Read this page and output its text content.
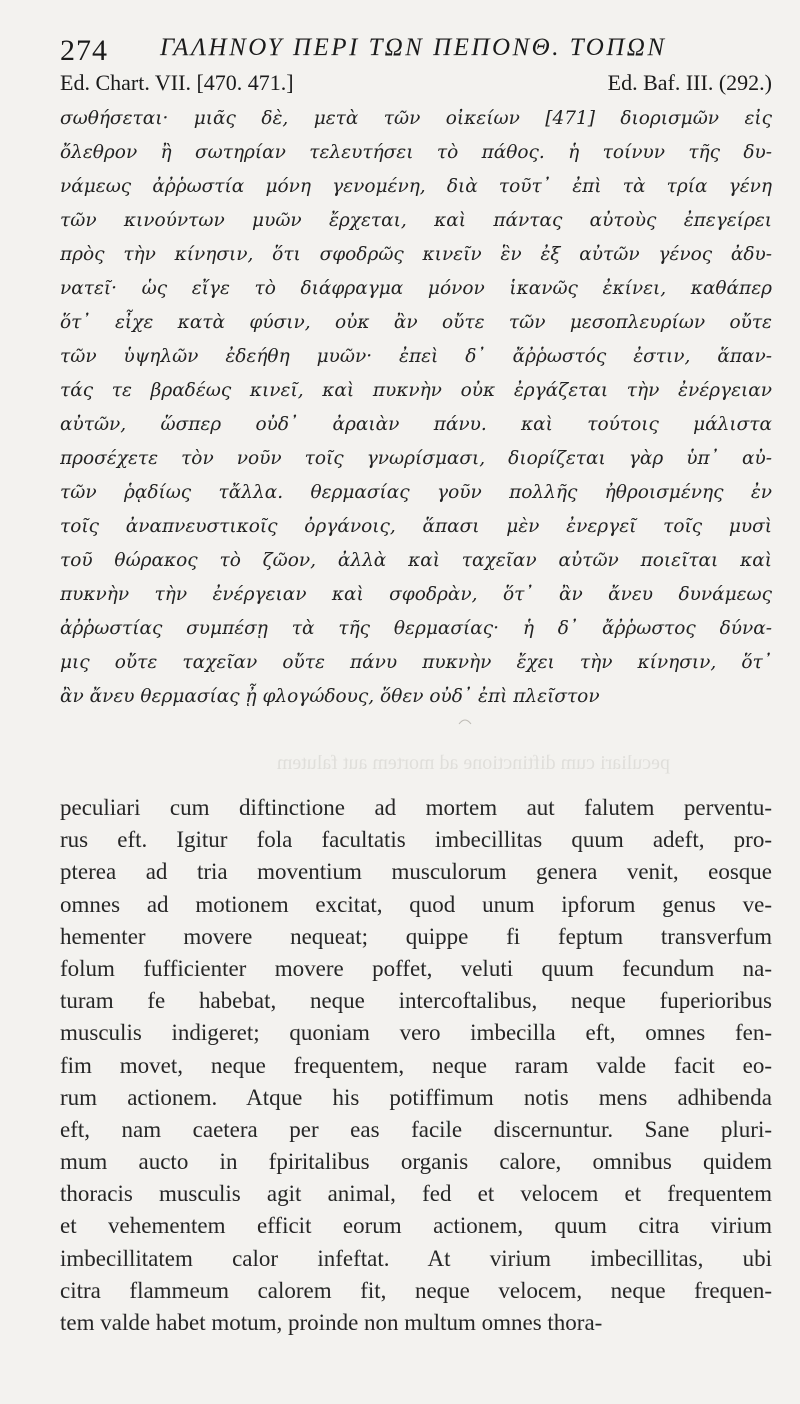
274 ΓΑΛΗΝΟΥ ΠΕΡΙ ΤΩΝ ΠΕΠΟΝΘ. ΤΟΠΩΝ
Ed. Chart. VII. [470. 471.]	Ed. Baf. III. (292.)
σωθήσεται· μιᾶς δὲ, μετὰ τῶν οἰκείων [471] διορισμῶν εἰς
ὄλεθρον ἢ σωτηρίαν τελευτήσει τὸ πάθος. ἡ τοίνυν τῆς δυ-
νάμεως ἀῤῥωστία μόνη γενομένη, διὰ τοῦτ᾽ ἐπὶ τὰ τρία γένη
τῶν κινούντων μυῶν ἔρχεται, καὶ πάντας αὐτοὺς ἐπεγείρει
πρὸς τὴν κίνησιν, ὅτι σφοδρῶς κινεῖν ἓν ἐξ αὐτῶν γένος ἀδυ-
νατεῖ· ὡς εἴγε τὸ διάφραγμα μόνον ἱκανῶς ἐκίνει, καθάπερ
ὅτ᾽ εἶχε κατὰ φύσιν, οὐκ ἂν οὔτε τῶν μεσοπλευρίων οὔτε
τῶν ὑψηλῶν ἐδεήθη μυῶν· ἐπεὶ δ᾽ ἄῤῥωστός ἐστιν, ἅπαν-
τάς τε βραδέως κινεῖ, καὶ πυκνὴν οὐκ ἐργάζεται τὴν ἐνέργειαν
αὐτῶν, ὥσπερ οὐδ᾽ ἀραιὰν πάνυ. καὶ τούτοις μάλιστα
προσέχετε τὸν νοῦν τοῖς γνωρίσμασι, διορίζεται γὰρ ὑπ᾽ αὐ-
τῶν ῥᾳδίως τἄλλα. θερμασίας γοῦν πολλῆς ἠθροισμένης ἐν
τοῖς ἀναπνευστικοῖς ὀργάνοις, ἅπασι μὲν ἐνεργεῖ τοῖς μυσὶ
τοῦ θώρακος τὸ ζῶον, ἀλλὰ καὶ ταχεῖαν αὐτῶν ποιεῖται καὶ
πυκνὴν τὴν ἐνέργειαν καὶ σφοδρὰν, ὅτ᾽ ἂν ἄνευ δυνάμεως
ἀῤῥωστίας συμπέσῃ τὰ τῆς θερμασίας· ἡ δ᾽ ἄῤῥωστος δύνα-
μις οὔτε ταχεῖαν οὔτε πάνυ πυκνὴν ἔχει τὴν κίνησιν, ὅτ᾽
ἂν ἄνευ θερμασίας ᾖ φλογώδους, ὅθεν οὐδ᾽ ἐπὶ πλεῖστον
peculiari cum diftinctione ad mortem aut falutem
peculiari cum diftinctione ad mortem aut falutem perventu-
rus eft. Igitur fola facultatis imbecillitas quum adeft, pro-
pterea ad tria moventium musculorum genera venit, eosque
omnes ad motionem excitat, quod unum ipforum genus ve-
hementer movere nequeat; quippe fi feptum transverfum
folum fufficienter movere poffet, veluti quum fecundum na-
turam fe habebat, neque intercoftalibus, neque fuperioribus
musculis indigeret; quoniam vero imbecilla eft, omnes fen-
fim movet, neque frequentem, neque raram valde facit eo-
rum actionem. Atque his potiffimum notis mens adhibenda
eft, nam caetera per eas facile discernuntur. Sane pluri-
mum aucto in fpiritalibus organis calore, omnibus quidem
thoracis musculis agit animal, fed et velocem et frequentem
et vehementem efficit eorum actionem, quum citra virium
imbecillitatem calor infeftat. At virium imbecillitas, ubi
citra flammeum calorem fit, neque velocem, neque frequen-
tem valde habet motum, proinde non multum omnes thora-
